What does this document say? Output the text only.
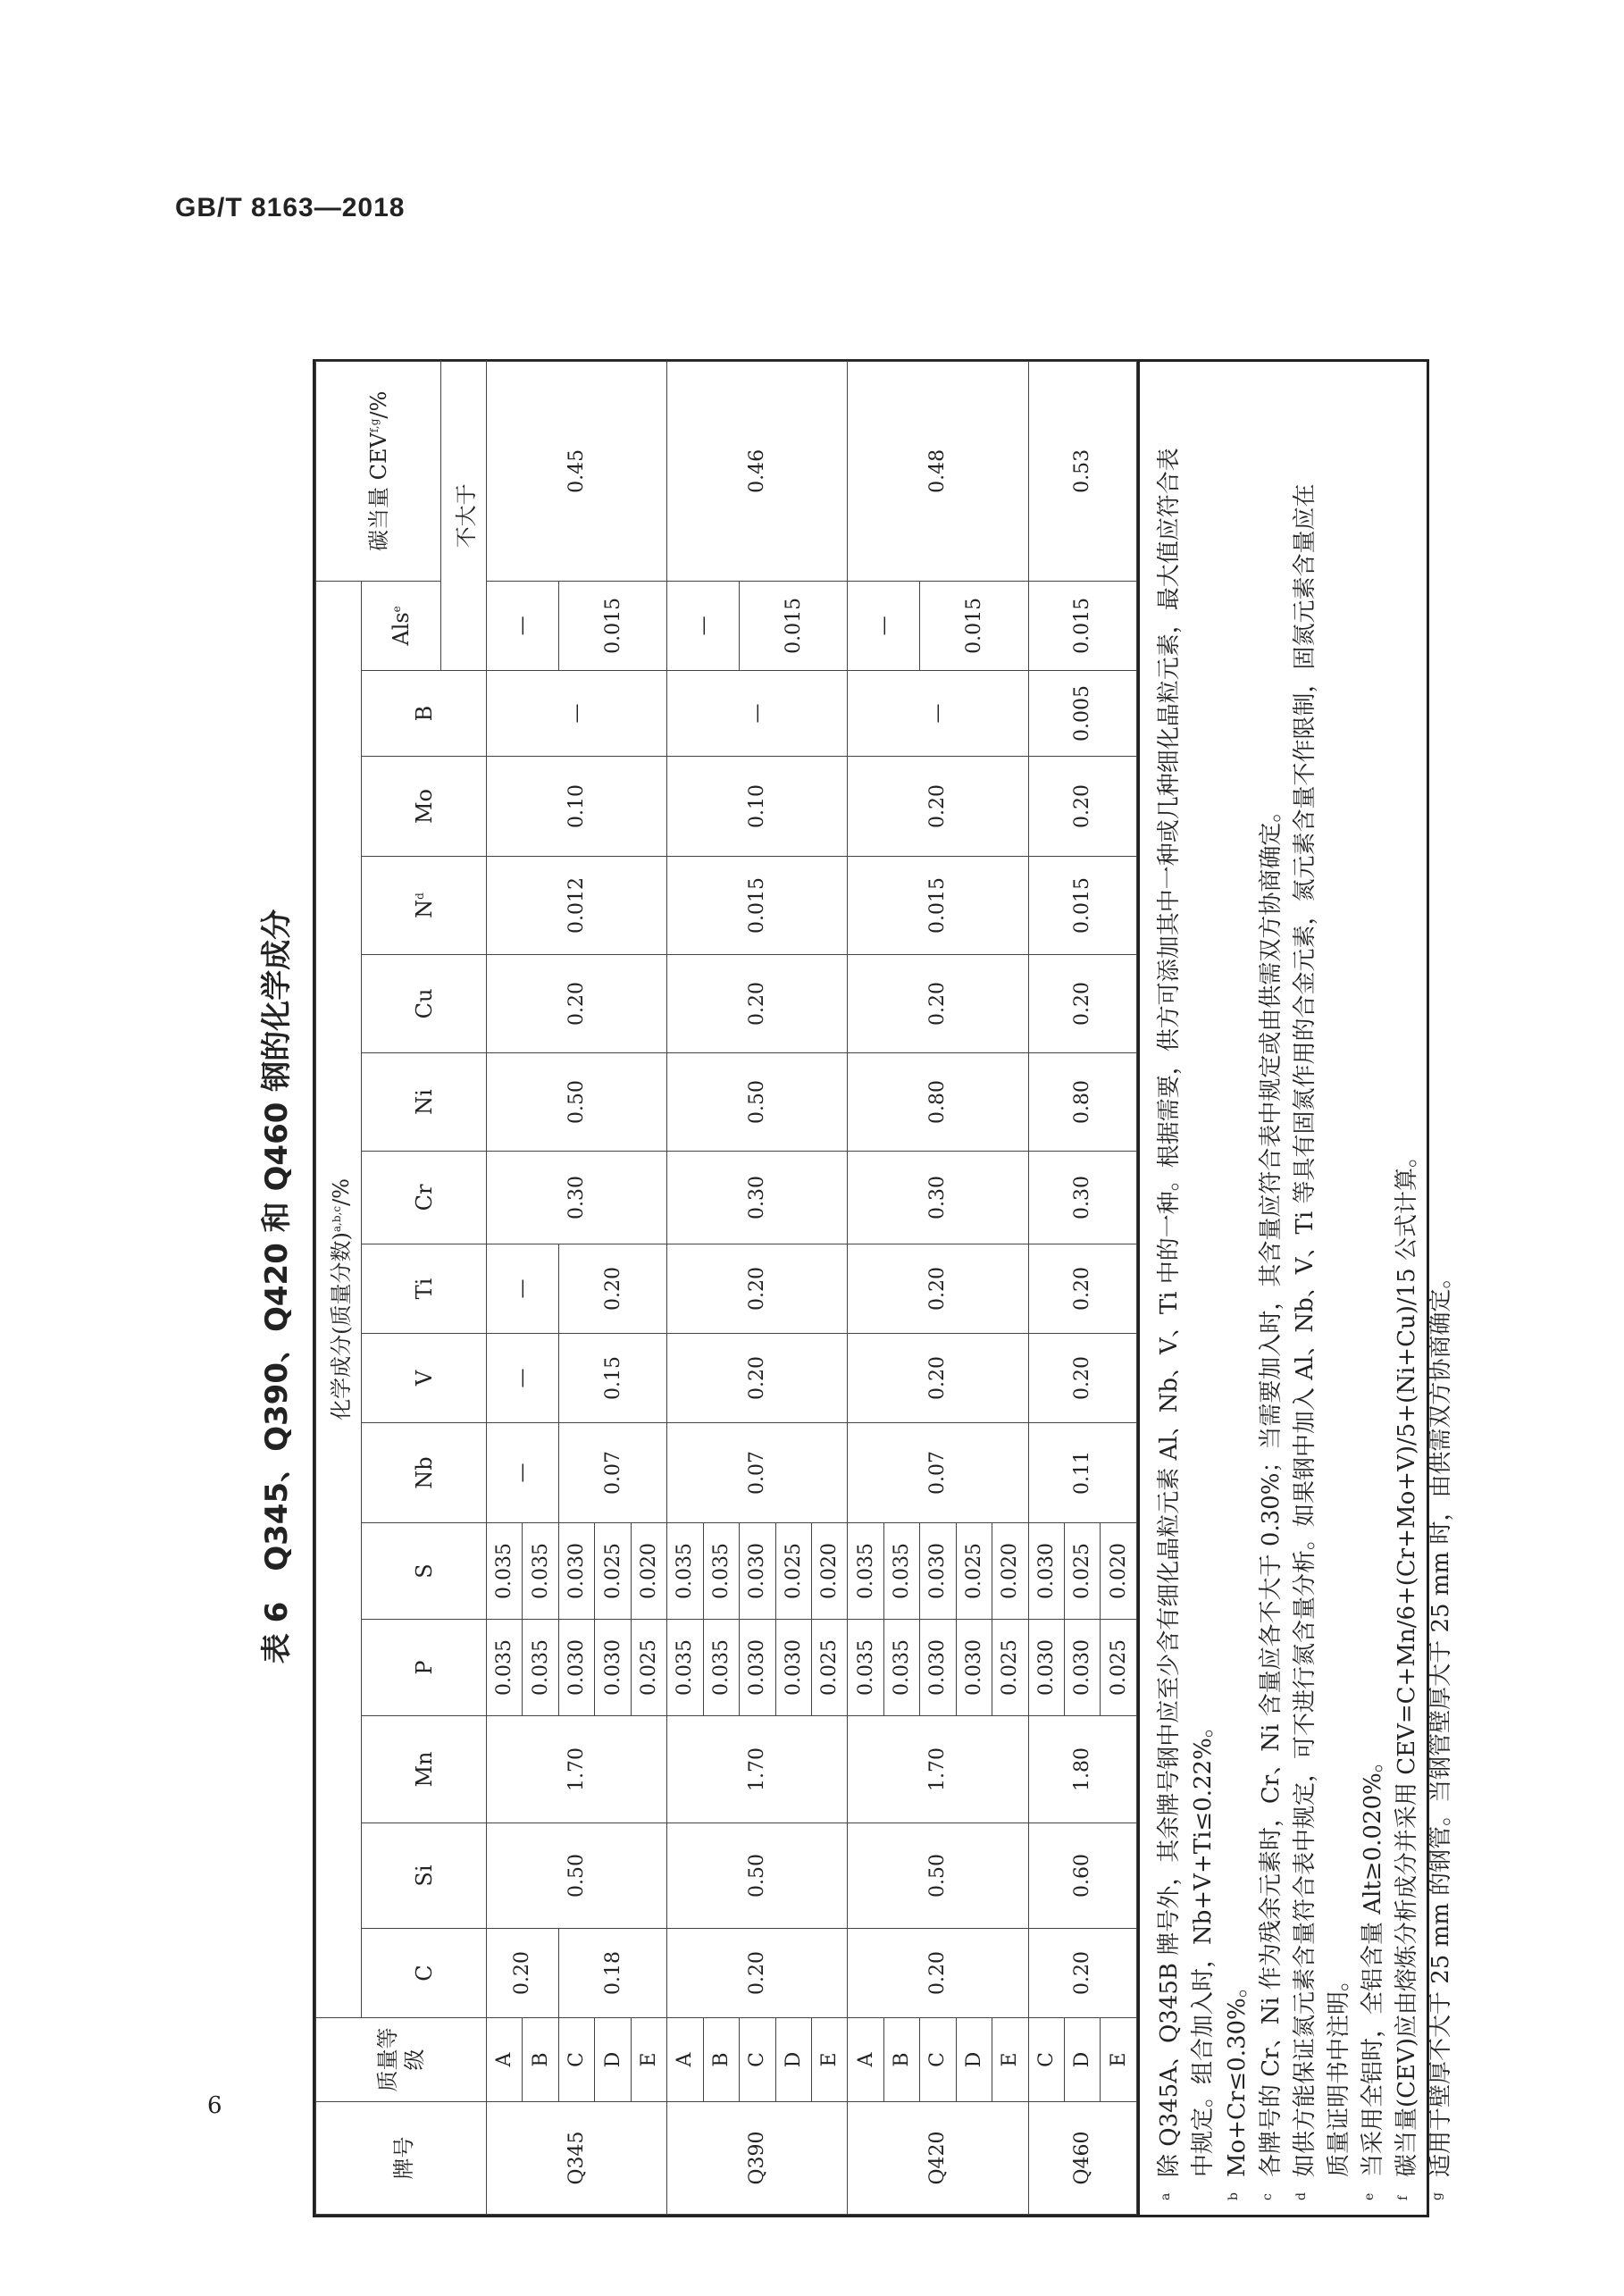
GB/T 8163—2018
6
表 6　Q345、Q390、Q420 和 Q460 钢的化学成分
牌号	质量等级	化学成分(质量分数)$^{a,b,c}$/%															碳当量 CEV$^{f,g}$/%	
		C	Si	Mn	P	S	Nb	V	Ti	Cr	Ni	Cu	$N^d$	Mo	B	Als$^e$
																不大于		
Q345	A	0.20	0.50	1.70	0.035	0.035	—	—	—	0.30	0.50	0.20	0.012	0.10	—	—	0.45	
	B				0.035	0.035												
	C	0.18			0.030	0.030	0.07	0.15	0.20							0.015		
	D				0.030	0.025												
	E				0.025	0.020												
Q390	A	0.20	0.50	1.70	0.035	0.035	0.07	0.20	0.20	0.30	0.50	0.20	0.015	0.10	—	—	0.46	
	B				0.035	0.035												
	C				0.030	0.030										0.015		
	D				0.030	0.025												
	E				0.025	0.020												
Q420	A	0.20	0.50	1.70	0.035	0.035	0.07	0.20	0.20	0.30	0.80	0.20	0.015	0.20	—	—	0.48	
	B				0.035	0.035												
	C				0.030	0.030										0.015		
	D				0.030	0.025												
	E				0.025	0.020												
Q460	C	0.20	0.60	1.80	0.030	0.030	0.11	0.20	0.20	0.30	0.80	0.20	0.015	0.20	0.005	0.015	0.53	
	D				0.030	0.025												
	E				0.025	0.020												
a
除 Q345A、Q345B 牌号外，其余牌号钢中应至少含有细化晶粒元素 Al、Nb、V、Ti 中的一种。根据需要，供方可添加其中一种或几种细化晶粒元素，最大值应符合表 中规定。组合加入时，Nb+V+Ti≤0.22%。
b
Mo+Cr≤0.30%。
c
各牌号的 Cr、Ni 作为残余元素时，Cr、Ni 含量应各不大于 0.30%；当需要加入时，其含量应符合表中规定或由供需双方协商确定。
d
如供方能保证氮元素含量符合表中规定，可不进行氮含量分析。如果钢中加入 Al、Nb、V、Ti 等具有固氮作用的合金元素，氮元素含量不作限制，固氮元素含量应在 质量证明书中注明。
e
当采用全铝时，全铝含量 Alt≥0.020%。
f
碳当量(CEV)应由熔炼分析成分并采用 CEV=C+Mn/6+(Cr+Mo+V)/5+(Ni+Cu)/15 公式计算。
g
适用于壁厚不大于 25 mm 的钢管。当钢管壁厚大于 25 mm 时，由供需双方协商确定。
